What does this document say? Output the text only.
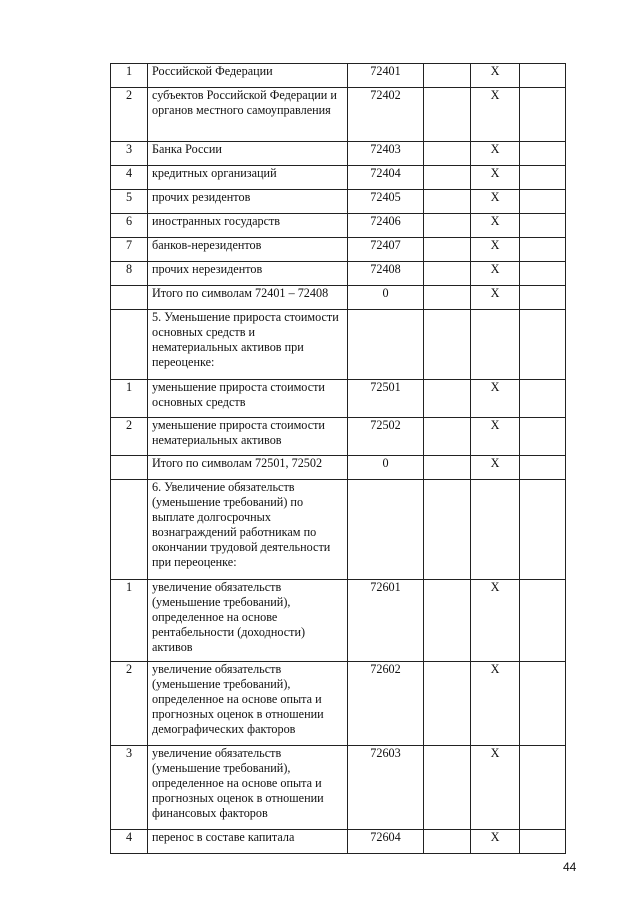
1	Российской Федерации	72401		Х	
2	субъектов Российской Федерации и органов местного самоуправления	72402		Х	
3	Банка России	72403		Х	
4	кредитных организаций	72404		Х	
5	прочих резидентов	72405		Х	
6	иностранных государств	72406		Х	
7	банков-нерезидентов	72407		Х	
8	прочих нерезидентов	72408		Х	
	Итого по символам 72401 – 72408	0		Х	
	5. Уменьшение прироста стоимости основных средств и нематериальных активов при переоценке:				
1	уменьшение прироста стоимости основных средств	72501		Х	
2	уменьшение прироста стоимости нематериальных активов	72502		Х	
	Итого по символам 72501, 72502	0		Х	
	6. Увеличение обязательств (уменьшение требований) по выплате долгосрочных вознаграждений работникам по окончании трудовой деятельности при переоценке:				
1	увеличение обязательств (уменьшение требований), определенное на основе рентабельности (доходности) активов	72601		Х	
2	увеличение обязательств (уменьшение требований), определенное на основе опыта и прогнозных оценок в отношении демографических факторов	72602		Х	
3	увеличение обязательств (уменьшение требований), определенное на основе опыта и прогнозных оценок в отношении финансовых факторов	72603		Х	
4	перенос в составе капитала	72604		Х	
44
